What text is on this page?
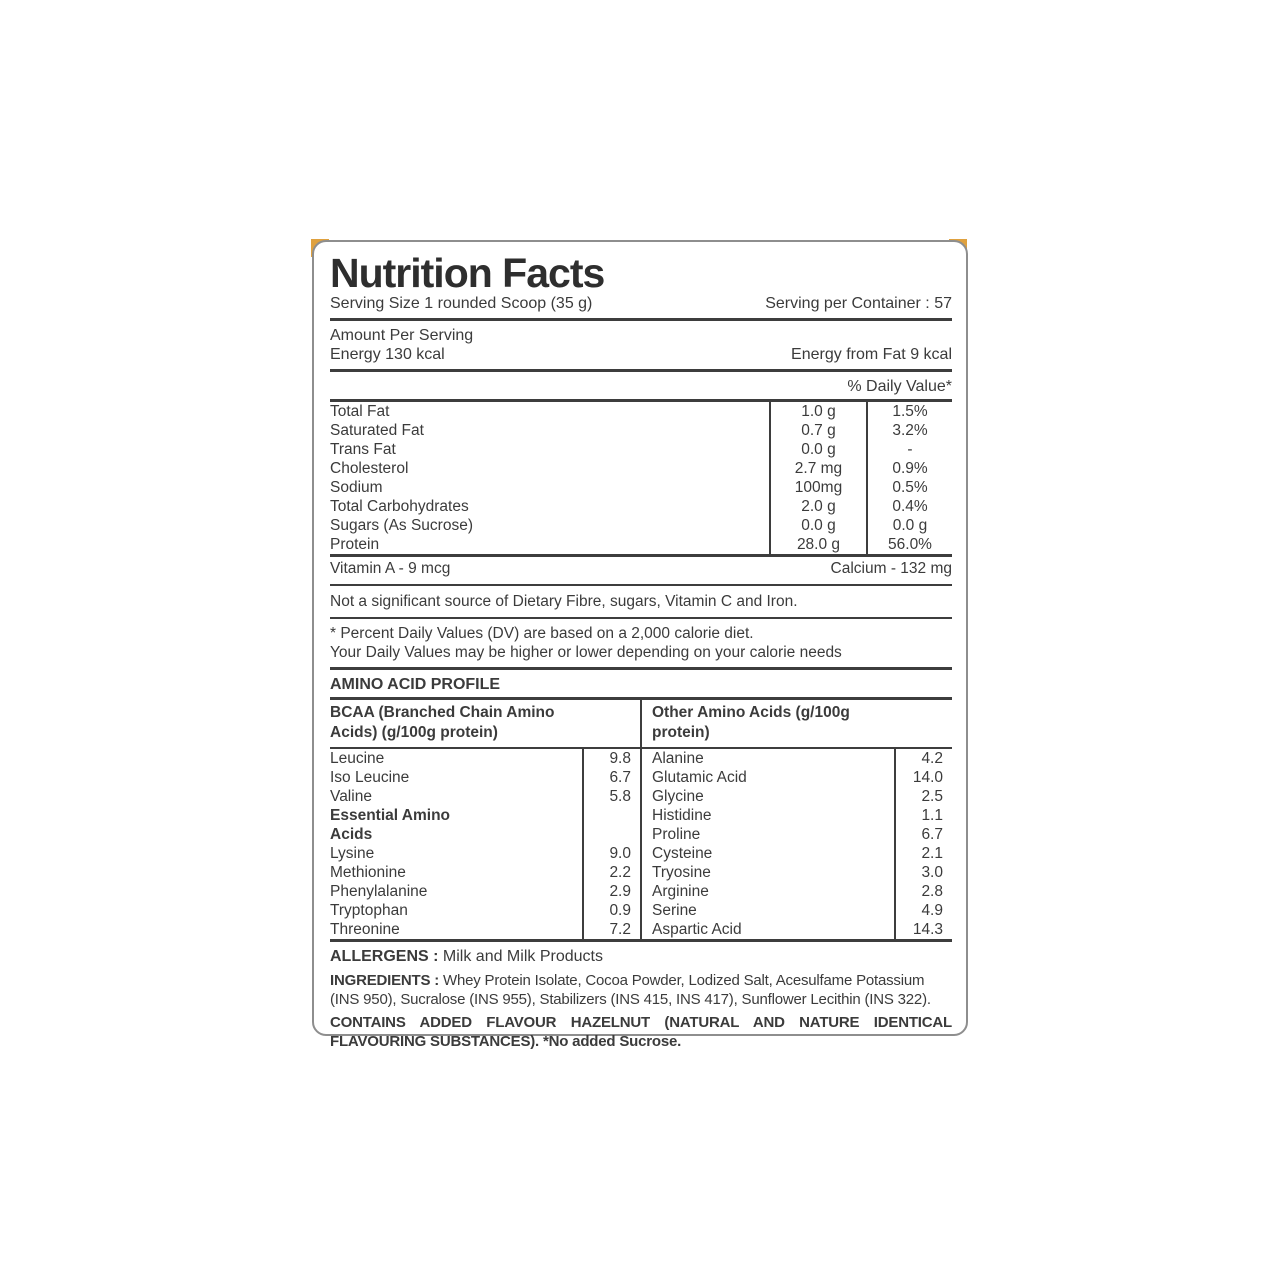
Nutrition Facts
Serving Size 1 rounded Scoop (35 g)	Serving per Container : 57
Amount Per Serving
Energy 130 kcal	Energy from Fat 9 kcal
% Daily Value*
Total Fat	1.0 g	1.5%
Saturated Fat	0.7 g	3.2%
Trans Fat	0.0 g	-
Cholesterol	2.7 mg	0.9%
Sodium	100mg	0.5%
Total Carbohydrates	2.0 g	0.4%
Sugars (As Sucrose)	0.0 g	0.0 g
Protein	28.0 g	56.0%
Vitamin A - 9 mcg	Calcium - 132 mg
Not a significant source of Dietary Fibre, sugars, Vitamin C and Iron.
* Percent Daily Values (DV) are based on a 2,000 calorie diet.
Your Daily Values may be higher or lower depending on your calorie needs
AMINO ACID PROFILE
BCAA (Branched Chain Amino Acids) (g/100g protein)
Leucine	9.8
Iso Leucine	6.7
Valine	5.8
Essential Amino
Acids
Lysine	9.0
Methionine	2.2
Phenylalanine	2.9
Tryptophan	0.9
Threonine	7.2
Other Amino Acids (g/100g protein)
Alanine	4.2
Glutamic Acid	14.0
Glycine	2.5
Histidine	1.1
Proline	6.7
Cysteine	2.1
Tryosine	3.0
Arginine	2.8
Serine	4.9
Aspartic Acid	14.3
ALLERGENS : Milk and Milk Products
INGREDIENTS : Whey Protein Isolate, Cocoa Powder, Lodized Salt, Acesulfame Potassium (INS 950), Sucralose (INS 955), Stabilizers (INS 415, INS 417), Sunflower Lecithin (INS 322).
CONTAINS ADDED FLAVOUR HAZELNUT (NATURAL AND NATURE IDENTICAL FLAVOURING SUBSTANCES). *No added Sucrose.
